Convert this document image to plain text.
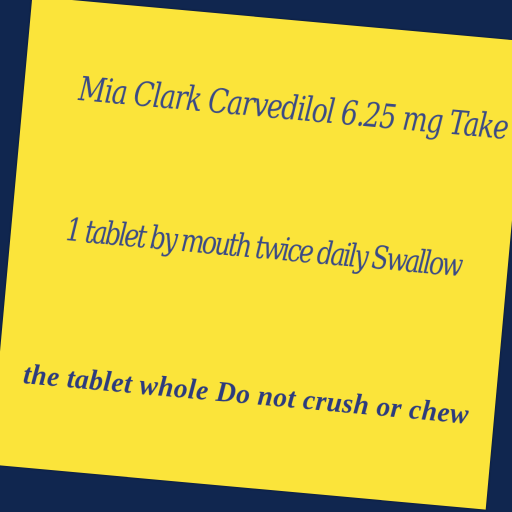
Mia Clark Carvedilol 6.25 mg Take
1 tablet by mouth twice daily Swallow
the tablet whole Do not crush or chew
